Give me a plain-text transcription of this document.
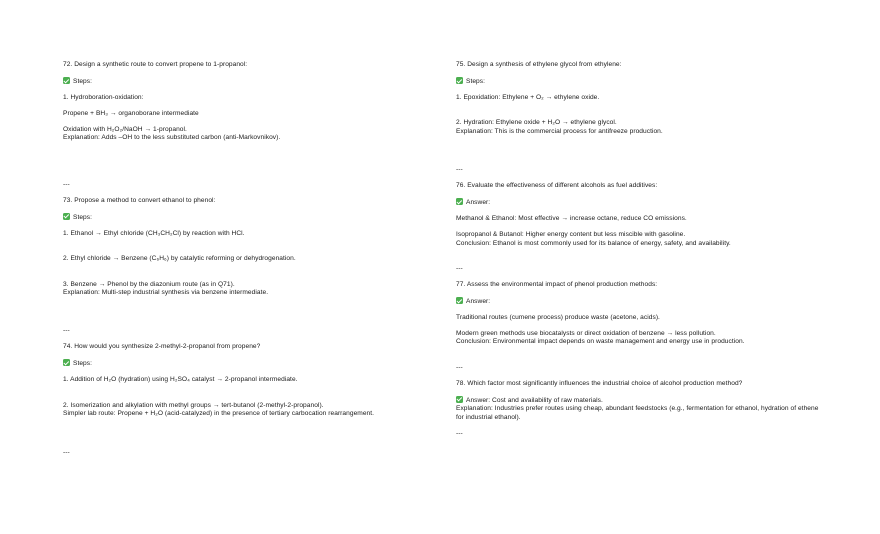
72. Design a synthetic route to convert propene to 1-propanol:
Steps:
1. Hydroboration-oxidation:
Propene + BH₃ → organoborane intermediate
Oxidation with H₂O₂/NaOH → 1-propanol.
Explanation: Adds –OH to the less substituted carbon (anti-Markovnikov).
---
73. Propose a method to convert ethanol to phenol:
Steps:
1. Ethanol → Ethyl chloride (CH₃CH₂Cl) by reaction with HCl.
2. Ethyl chloride → Benzene (C₆H₆) by catalytic reforming or dehydrogenation.
3. Benzene → Phenol by the diazonium route (as in Q71).
Explanation: Multi-step industrial synthesis via benzene intermediate.
---
74. How would you synthesize 2-methyl-2-propanol from propene?
Steps:
1. Addition of H₂O (hydration) using H₂SO₄ catalyst → 2-propanol intermediate.
2. Isomerization and alkylation with methyl groups → tert-butanol (2-methyl-2-propanol).
Simpler lab route: Propene + H₂O (acid-catalyzed) in the presence of tertiary carbocation rearrangement.
---
75. Design a synthesis of ethylene glycol from ethylene:
Steps:
1. Epoxidation: Ethylene + O₂ → ethylene oxide.
2. Hydration: Ethylene oxide + H₂O → ethylene glycol.
Explanation: This is the commercial process for antifreeze production.
---
76. Evaluate the effectiveness of different alcohols as fuel additives:
Answer:
Methanol & Ethanol: Most effective → increase octane, reduce CO emissions.
Isopropanol & Butanol: Higher energy content but less miscible with gasoline.
Conclusion: Ethanol is most commonly used for its balance of energy, safety, and availability.
---
77. Assess the environmental impact of phenol production methods:
Answer:
Traditional routes (cumene process) produce waste (acetone, acids).
Modern green methods use biocatalysts or direct oxidation of benzene → less pollution.
Conclusion: Environmental impact depends on waste management and energy use in production.
---
78. Which factor most significantly influences the industrial choice of alcohol production method?
Answer: Cost and availability of raw materials.
Explanation: Industries prefer routes using cheap, abundant feedstocks (e.g., fermentation for ethanol, hydration of ethene for industrial ethanol).
---
